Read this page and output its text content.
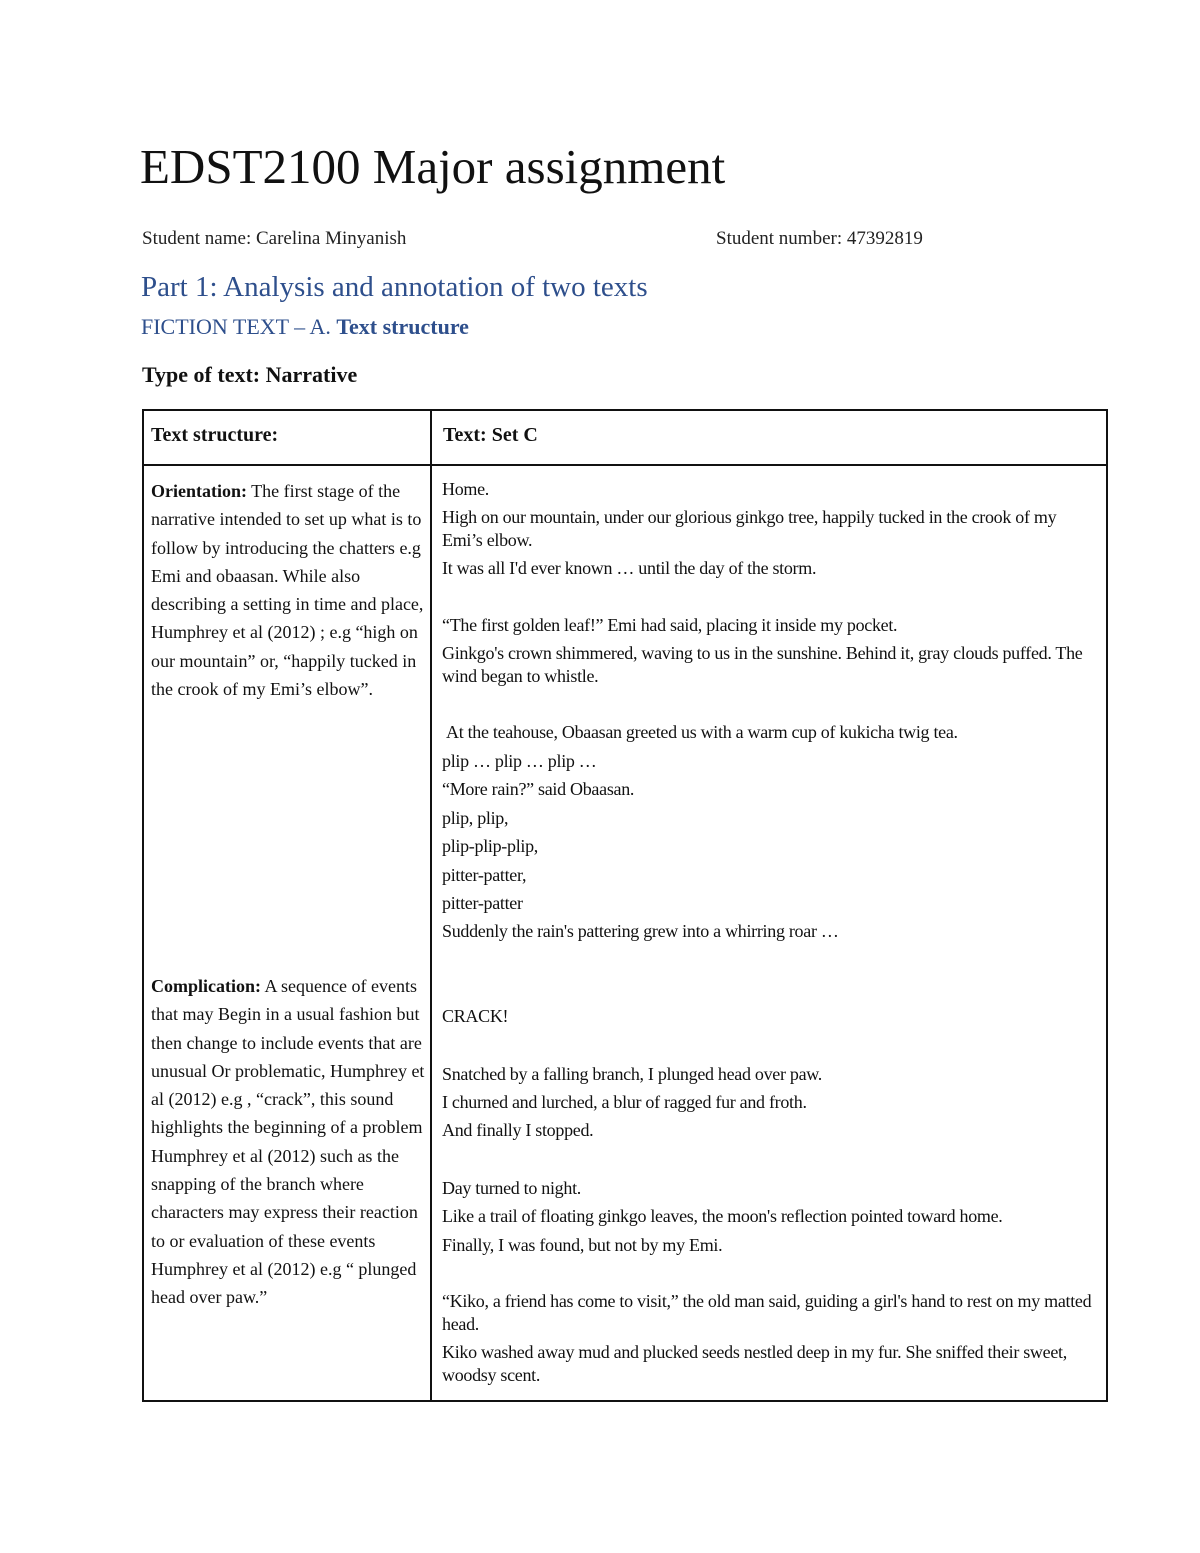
EDST2100 Major assignment
Student name: Carelina Minyanish	Student number: 47392819
Part 1: Analysis and annotation of two texts
FICTION TEXT – A. Text structure
Type of text: Narrative
Text structure:	Text: Set C
Orientation: The first stage of the narrative intended to set up what is to follow by introducing the chatters e.g Emi and obaasan. While also describing a setting in time and place, Humphrey et al (2012) ; e.g “high on our mountain” or, “happily tucked in the crook of my Emi’s elbow”.
Complication: A sequence of events that may Begin in a usual fashion but then change to include events that are unusual Or problematic, Humphrey et al (2012) e.g , “crack”, this sound highlights the beginning of a problem Humphrey et al (2012) such as the snapping of the branch where characters may express their reaction to or evaluation of these events Humphrey et al (2012) e.g “ plunged head over paw.”

Home.

High on our mountain, under our glorious ginkgo tree, happily tucked in the crook of my Emi’s elbow.

It was all I'd ever known … until the day of the storm.

“The first golden leaf!” Emi had said, placing it inside my pocket.

Ginkgo's crown shimmered, waving to us in the sunshine. Behind it, gray clouds puffed. The wind began to whistle.

At the teahouse, Obaasan greeted us with a warm cup of kukicha twig tea.

plip … plip … plip …

“More rain?” said Obaasan.

plip, plip,

plip-plip-plip,

pitter-patter,

pitter-patter

Suddenly the rain's pattering grew into a whirring roar …

CRACK!

Snatched by a falling branch, I plunged head over paw.

I churned and lurched, a blur of ragged fur and froth.

And finally I stopped.

Day turned to night.

Like a trail of floating ginkgo leaves, the moon's reflection pointed toward home.

Finally, I was found, but not by my Emi.

“Kiko, a friend has come to visit,” the old man said, guiding a girl's hand to rest on my matted head.

Kiko washed away mud and plucked seeds nestled deep in my fur. She sniffed their sweet, woodsy scent.
